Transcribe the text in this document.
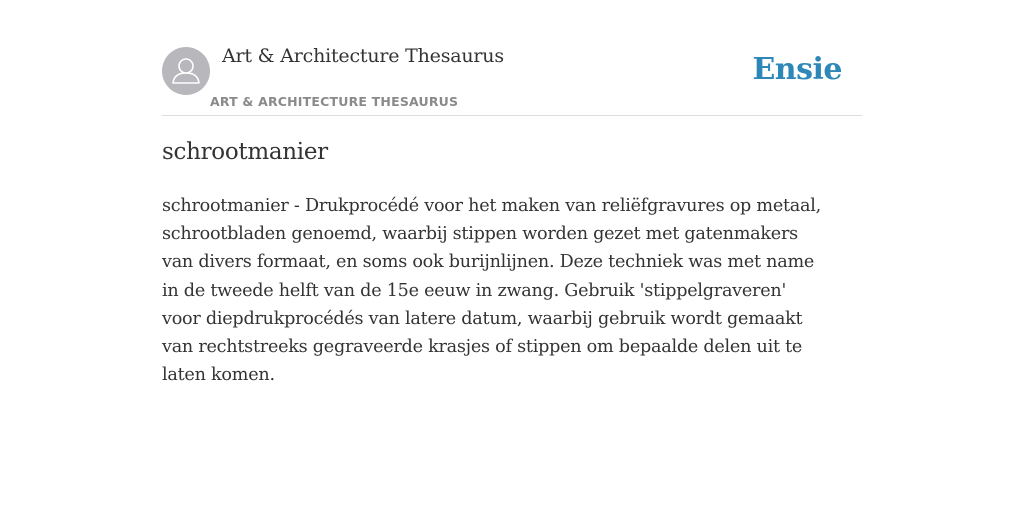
Art & Architecture Thesaurus
ART & ARCHITECTURE THESAURUS
Ensie
schrootmanier

schrootmanier - Drukprocédé voor het maken van reliëfgravures op metaal, schrootbladen genoemd, waarbij stippen worden gezet met gatenmakers van divers formaat, en soms ook burijnlijnen. Deze techniek was met name in de tweede helft van de 15e eeuw in zwang. Gebruik 'stippelgraveren' voor diepdrukprocédés van latere datum, waarbij gebruik wordt gemaakt van rechtstreeks gegraveerde krasjes of stippen om bepaalde delen uit te laten komen.
